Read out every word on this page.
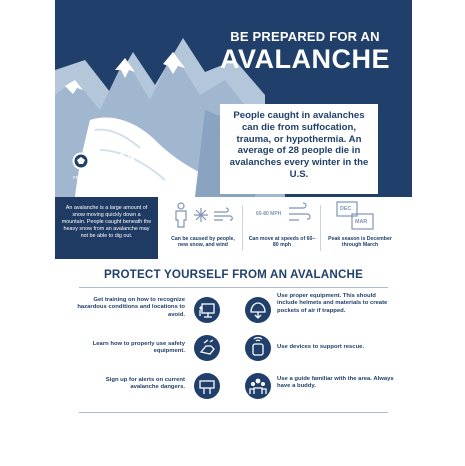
BE PREPARED FOR AN
AVALANCHE
People caught in avalanches can die from suffocation, trauma, or hypothermia. An average of 28 people die in avalanches every winter in the U.S.
FEMA
FEMA V-1003/June 2018
An avalanche is a large amount of snow moving quickly down a mountain. People caught beneath the heavy snow from an avalanche may not be able to dig out.	Can be caused by people, new snow, and wind
60-80 MPH
Can move at speeds of 60–80 mph
DEC
MAR
Peak season is December through March
PROTECT YOURSELF FROM AN AVALANCHE
Get training on how to recognize hazardous conditions and locations to avoid.
Use proper equipment. This should include helmets and materials to create pockets of air if trapped.
Learn how to properly use safety equipment.
Use devices to support rescue.
Sign up for alerts on current avalanche dangers.
Use a guide familiar with the area. Always have a buddy.
